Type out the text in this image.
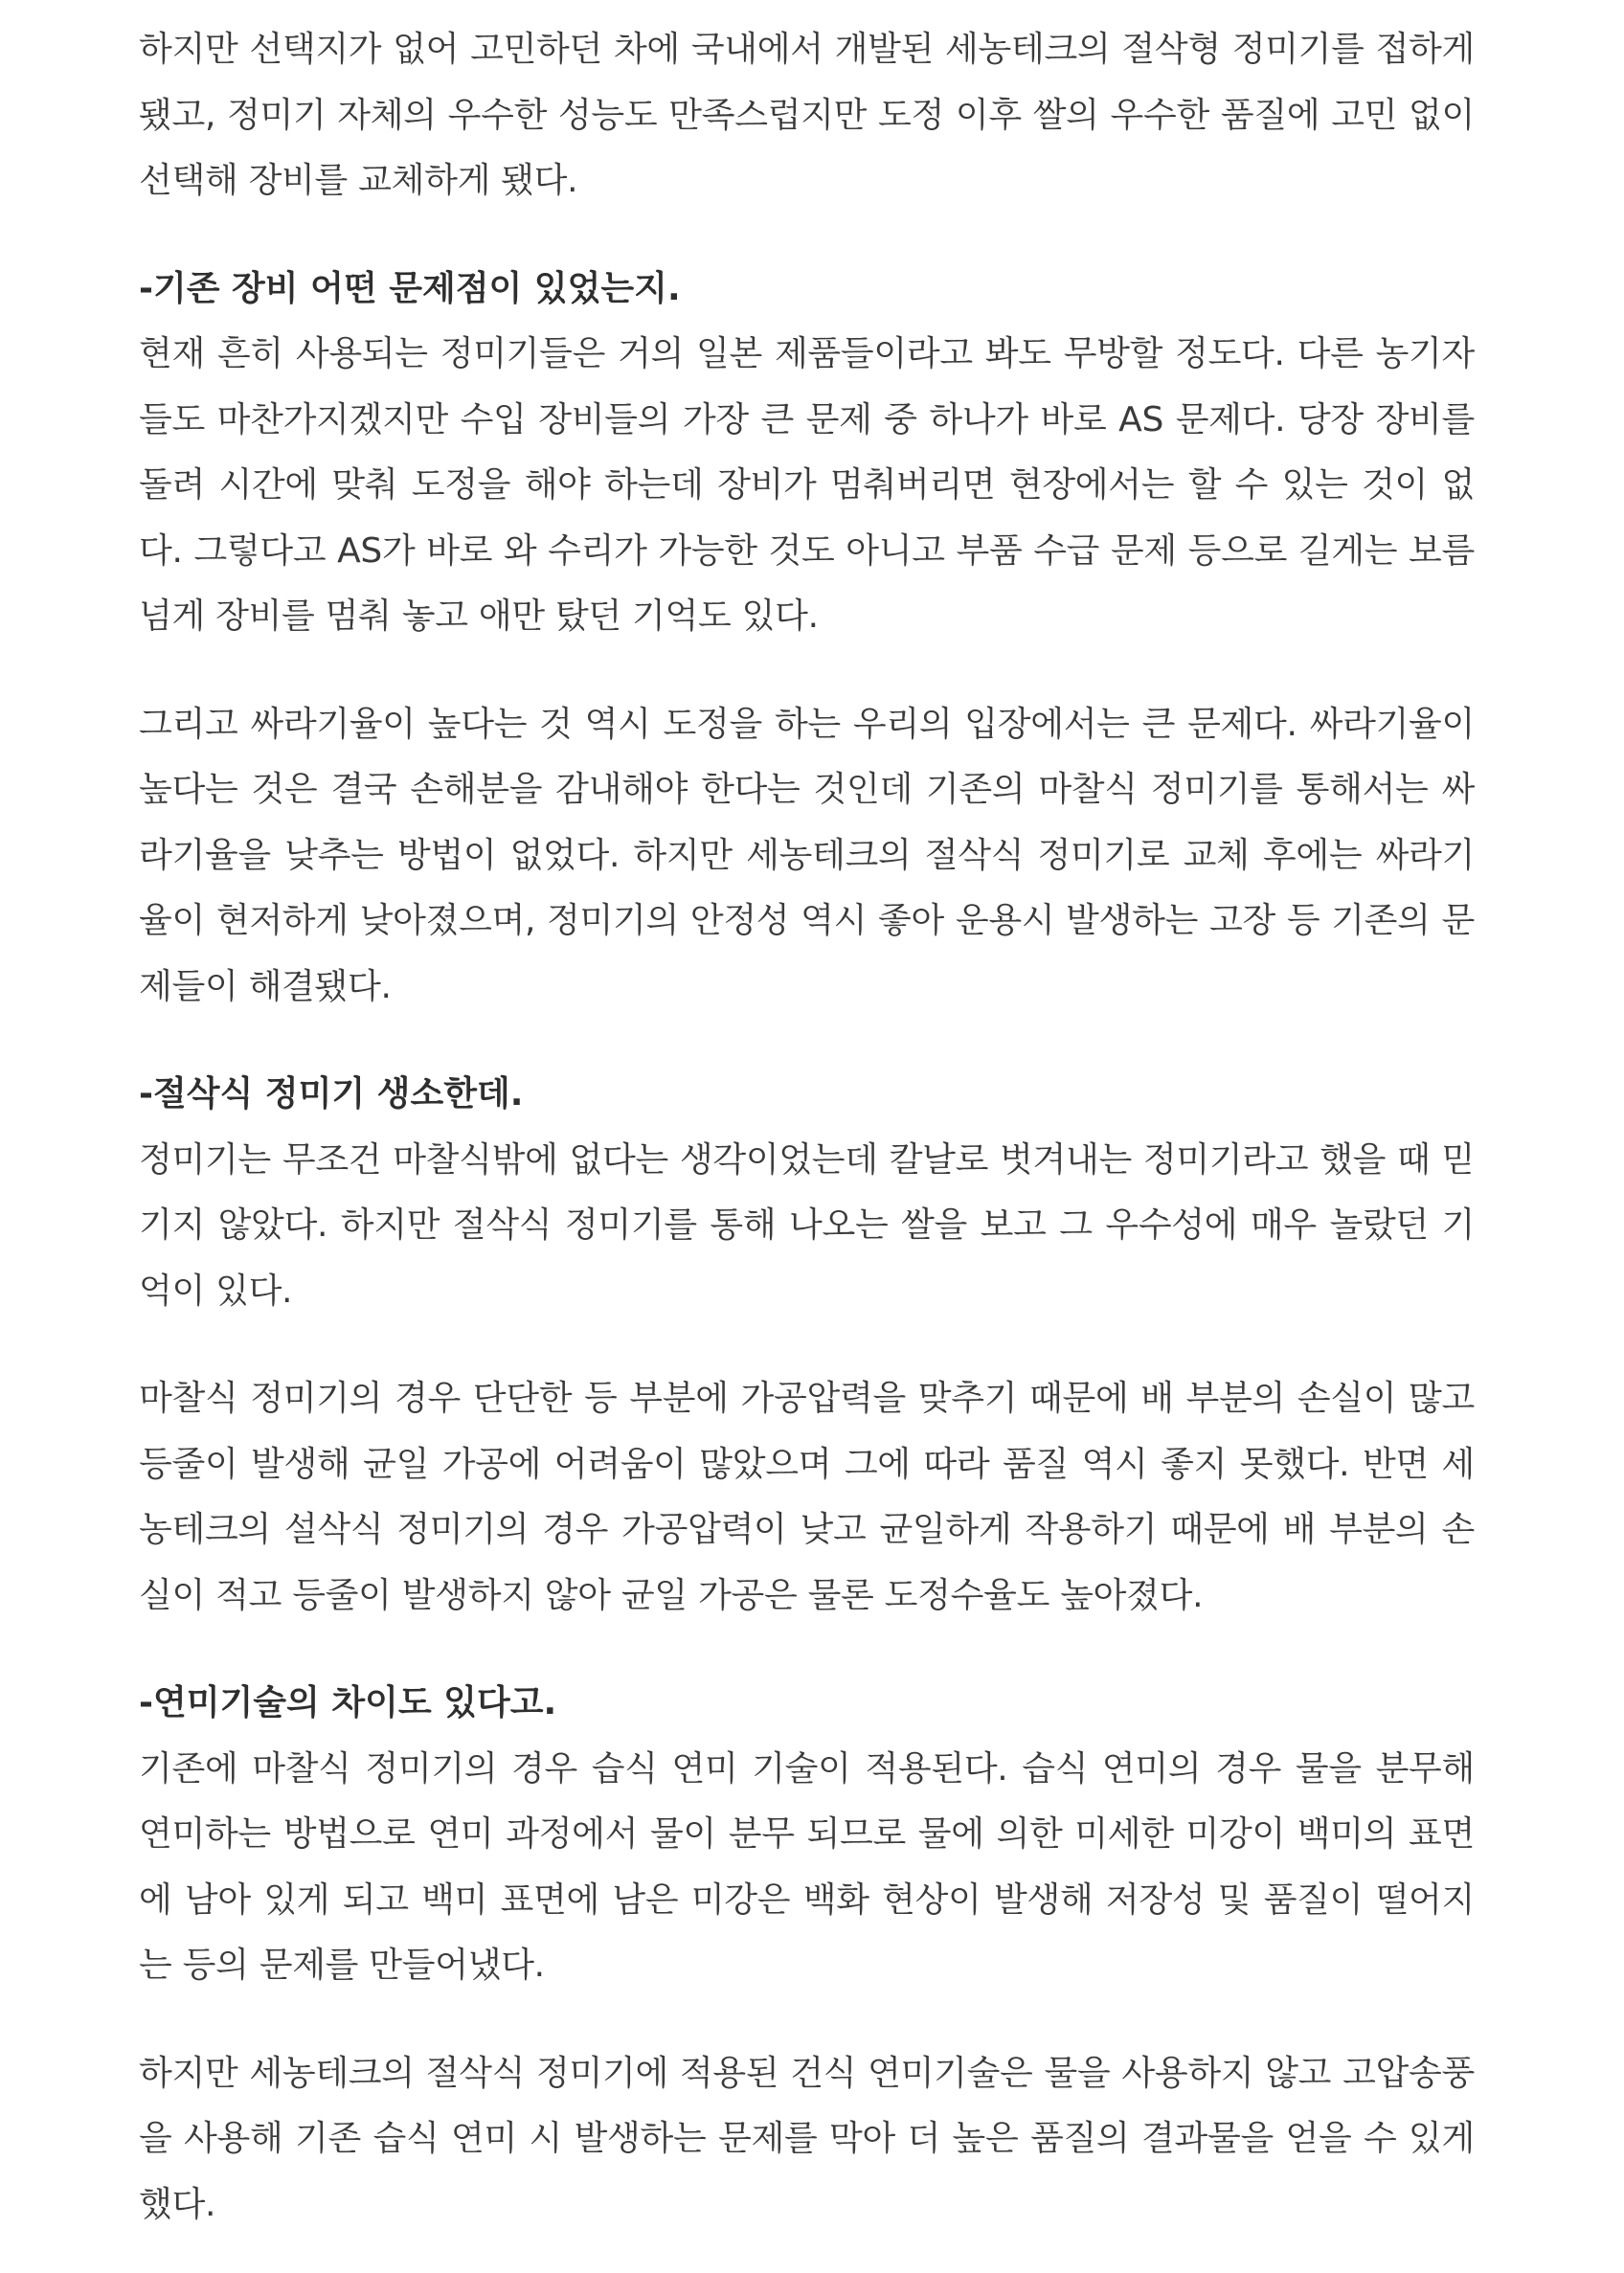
하지만 선택지가 없어 고민하던 차에 국내에서 개발된 세농테크의 절삭형 정미기를 접하게 됐고, 정미기 자체의 우수한 성능도 만족스럽지만 도정 이후 쌀의 우수한 품질에 고민 없이 선택해 장비를 교체하게 됐다.

-기존 장비 어떤 문제점이 있었는지.

현재 흔히 사용되는 정미기들은 거의 일본 제품들이라고 봐도 무방할 정도다. 다른 농기자들도 마찬가지겠지만 수입 장비들의 가장 큰 문제 중 하나가 바로 AS 문제다. 당장 장비를 돌려 시간에 맞춰 도정을 해야 하는데 장비가 멈춰버리면 현장에서는 할 수 있는 것이 없다. 그렇다고 AS가 바로 와 수리가 가능한 것도 아니고 부품 수급 문제 등으로 길게는 보름 넘게 장비를 멈춰 놓고 애만 탔던 기억도 있다.

그리고 싸라기율이 높다는 것 역시 도정을 하는 우리의 입장에서는 큰 문제다. 싸라기율이 높다는 것은 결국 손해분을 감내해야 한다는 것인데 기존의 마찰식 정미기를 통해서는 싸라기율을 낮추는 방법이 없었다. 하지만 세농테크의 절삭식 정미기로 교체 후에는 싸라기율이 현저하게 낮아졌으며, 정미기의 안정성 역시 좋아 운용시 발생하는 고장 등 기존의 문제들이 해결됐다.

-절삭식 정미기 생소한데.

정미기는 무조건 마찰식밖에 없다는 생각이었는데 칼날로 벗겨내는 정미기라고 했을 때 믿기지 않았다. 하지만 절삭식 정미기를 통해 나오는 쌀을 보고 그 우수성에 매우 놀랐던 기억이 있다.

마찰식 정미기의 경우 단단한 등 부분에 가공압력을 맞추기 때문에 배 부분의 손실이 많고 등줄이 발생해 균일 가공에 어려움이 많았으며 그에 따라 품질 역시 좋지 못했다. 반면 세농테크의 설삭식 정미기의 경우 가공압력이 낮고 균일하게 작용하기 때문에 배 부분의 손실이 적고 등줄이 발생하지 않아 균일 가공은 물론 도정수율도 높아졌다.

-연미기술의 차이도 있다고.

기존에 마찰식 정미기의 경우 습식 연미 기술이 적용된다. 습식 연미의 경우 물을 분무해 연미하는 방법으로 연미 과정에서 물이 분무 되므로 물에 의한 미세한 미강이 백미의 표면에 남아 있게 되고 백미 표면에 남은 미강은 백화 현상이 발생해 저장성 및 품질이 떨어지는 등의 문제를 만들어냈다.

하지만 세농테크의 절삭식 정미기에 적용된 건식 연미기술은 물을 사용하지 않고 고압송풍을 사용해 기존 습식 연미 시 발생하는 문제를 막아 더 높은 품질의 결과물을 얻을 수 있게 했다.
